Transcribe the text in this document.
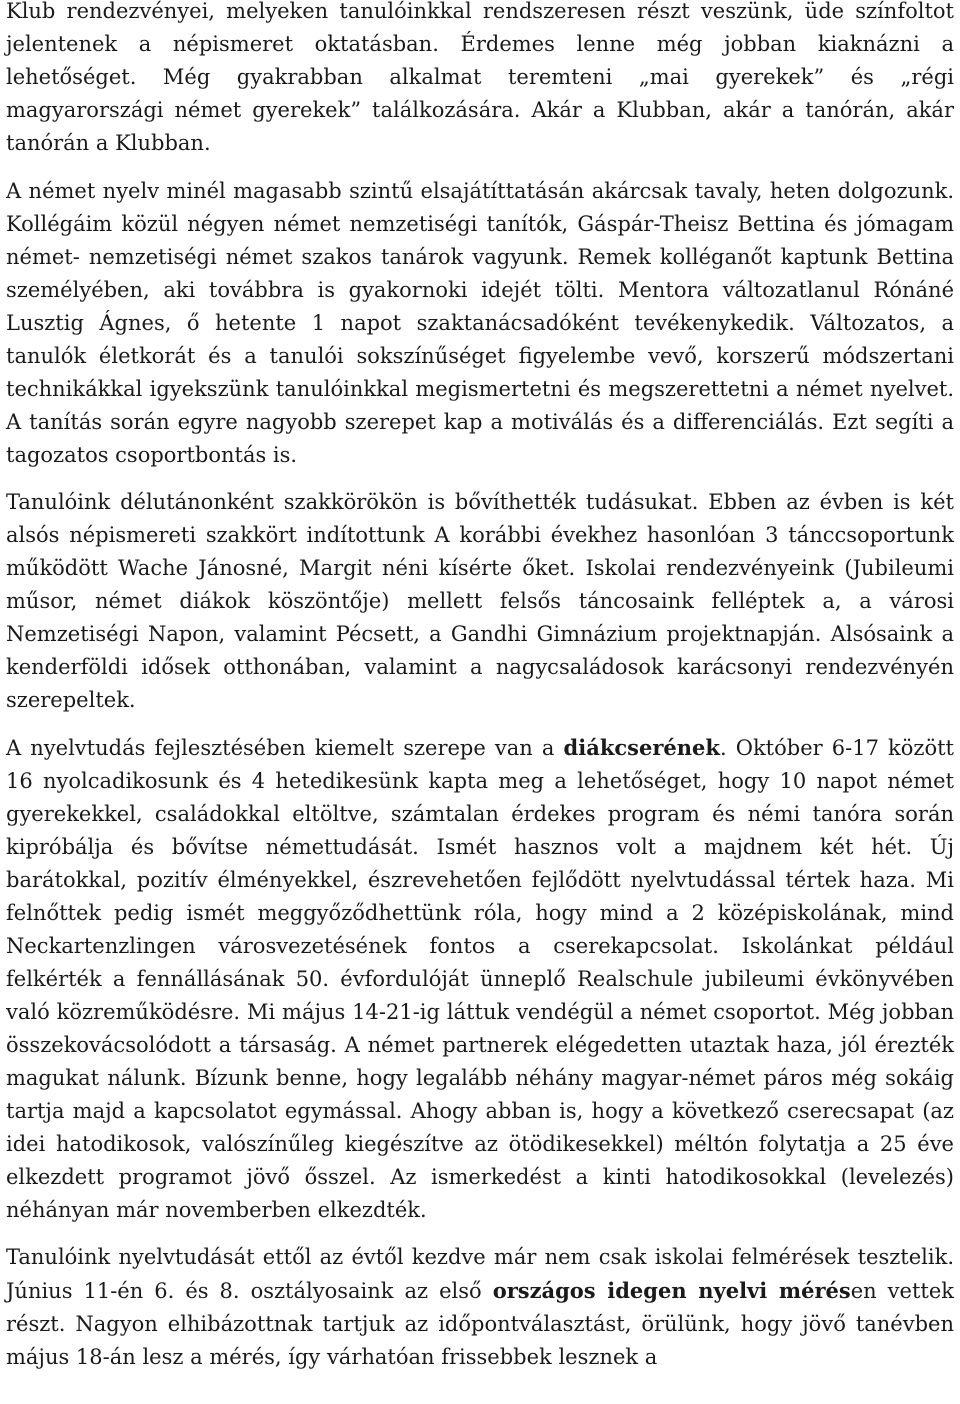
Klub rendezvényei, melyeken tanulóinkkal rendszeresen részt veszünk, üde színfoltot jelentenek a népismeret oktatásban. Érdemes lenne még jobban kiaknázni a lehetőséget. Még gyakrabban alkalmat teremteni „mai gyerekek” és „régi magyarországi német gyerekek” találkozására. Akár a Klubban, akár a tanórán, akár tanórán a Klubban.

A német nyelv minél magasabb szintű elsajátíttatásán akárcsak tavaly, heten dolgozunk. Kollégáim közül négyen német nemzetiségi tanítók, Gáspár-Theisz Bettina és jómagam német- nemzetiségi német szakos tanárok vagyunk. Remek kolléganőt kaptunk Bettina személyében, aki továbbra is gyakornoki idejét tölti. Mentora változatlanul Rónáné Lusztig Ágnes, ő hetente 1 napot szaktanácsadóként tevékenykedik. Változatos, a tanulók életkorát és a tanulói sokszínűséget figyelembe vevő, korszerű módszertani technikákkal igyekszünk tanulóinkkal megismertetni és megszerettetni a német nyelvet. A tanítás során egyre nagyobb szerepet kap a motiválás és a differenciálás. Ezt segíti a tagozatos csoportbontás is.

Tanulóink délutánonként szakkörökön is bővíthették tudásukat. Ebben az évben is két alsós népismereti szakkört indítottunk A korábbi évekhez hasonlóan 3 tánccsoportunk működött Wache Jánosné, Margit néni kísérte őket. Iskolai rendezvényeink (Jubileumi műsor, német diákok köszöntője) mellett felsős táncosaink felléptek a, a városi Nemzetiségi Napon, valamint Pécsett, a Gandhi Gimnázium projektnapján. Alsósaink a kenderföldi idősek otthonában, valamint a nagycsaládosok karácsonyi rendezvényén szerepeltek.

A nyelvtudás fejlesztésében kiemelt szerepe van a diákcserének. Október 6-17 között 16 nyolcadikosunk és 4 hetedikesünk kapta meg a lehetőséget, hogy 10 napot német gyerekekkel, családokkal eltöltve, számtalan érdekes program és némi tanóra során kipróbálja és bővítse némettudását. Ismét hasznos volt a majdnem két hét. Új barátokkal, pozitív élményekkel, észrevehetően fejlődött nyelvtudással tértek haza. Mi felnőttek pedig ismét meggyőződhettünk róla, hogy mind a 2 középiskolának, mind Neckartenzlingen városvezetésének fontos a cserekapcsolat. Iskolánkat például felkérték a fennállásának 50. évfordulóját ünneplő Realschule jubileumi évkönyvében való közreműködésre. Mi május 14-21-ig láttuk vendégül a német csoportot. Még jobban összekovácsolódott a társaság. A német partnerek elégedetten utaztak haza, jól érezték magukat nálunk. Bízunk benne, hogy legalább néhány magyar-német páros még sokáig tartja majd a kapcsolatot egymással. Ahogy abban is, hogy a következő cserecsapat (az idei hatodikosok, valószínűleg kiegészítve az ötödikesekkel) méltón folytatja a 25 éve elkezdett programot jövő ősszel. Az ismerkedést a kinti hatodikosokkal (levelezés) néhányan már novemberben elkezdték.

Tanulóink nyelvtudását ettől az évtől kezdve már nem csak iskolai felmérések tesztelik. Június 11-én 6. és 8. osztályosaink az első országos idegen nyelvi mérésen vettek részt. Nagyon elhibázottnak tartjuk az időpontválasztást, örülünk, hogy jövő tanévben május 18-án lesz a mérés, így várhatóan frissebbek lesznek a
